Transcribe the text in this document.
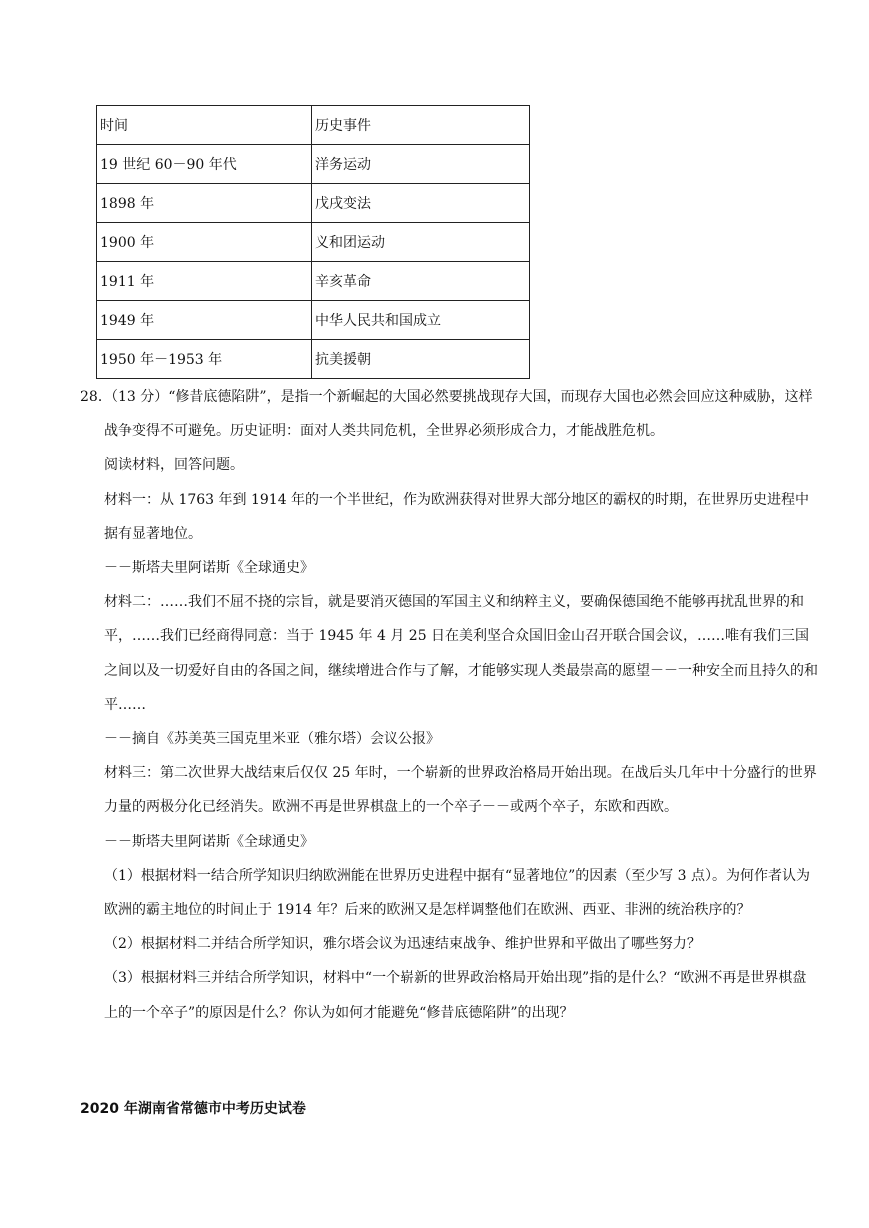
时间	历史事件
19 世纪 60－90 年代	洋务运动
1898 年	戊戌变法
1900 年	义和团运动
1911 年	辛亥革命
1949 年	中华人民共和国成立
1950 年－1953 年	抗美援朝

28．（13 分）“修昔底德陷阱”，是指一个新崛起的大国必然要挑战现存大国，而现存大国也必然会回应这种威胁，这样战争变得不可避免。历史证明：面对人类共同危机，全世界必须形成合力，才能战胜危机。

阅读材料，回答问题。

材料一：从 1763 年到 1914 年的一个半世纪，作为欧洲获得对世界大部分地区的霸权的时期，在世界历史进程中据有显著地位。

－－斯塔夫里阿诺斯《全球通史》

材料二：……我们不屈不挠的宗旨，就是要消灭德国的军国主义和纳粹主义，要确保德国绝不能够再扰乱世界的和平，……我们已经商得同意：当于 1945 年 4 月 25 日在美利坚合众国旧金山召开联合国会议，……唯有我们三国之间以及一切爱好自由的各国之间，继续增进合作与了解，才能够实现人类最崇高的愿望－－一种安全而且持久的和平……

－－摘自《苏美英三国克里米亚（雅尔塔）会议公报》

材料三：第二次世界大战结束后仅仅 25 年时，一个崭新的世界政治格局开始出现。在战后头几年中十分盛行的世界力量的两极分化已经消失。欧洲不再是世界棋盘上的一个卒子－－或两个卒子，东欧和西欧。

－－斯塔夫里阿诺斯《全球通史》

（1）根据材料一结合所学知识归纳欧洲能在世界历史进程中据有“显著地位”的因素（至少写 3 点）。为何作者认为欧洲的霸主地位的时间止于 1914 年？后来的欧洲又是怎样调整他们在欧洲、西亚、非洲的统治秩序的？

（2）根据材料二并结合所学知识，雅尔塔会议为迅速结束战争、维护世界和平做出了哪些努力？

（3）根据材料三并结合所学知识，材料中“一个崭新的世界政治格局开始出现”指的是什么？“欧洲不再是世界棋盘上的一个卒子”的原因是什么？你认为如何才能避免“修昔底德陷阱”的出现？

2020 年湖南省常德市中考历史试卷
